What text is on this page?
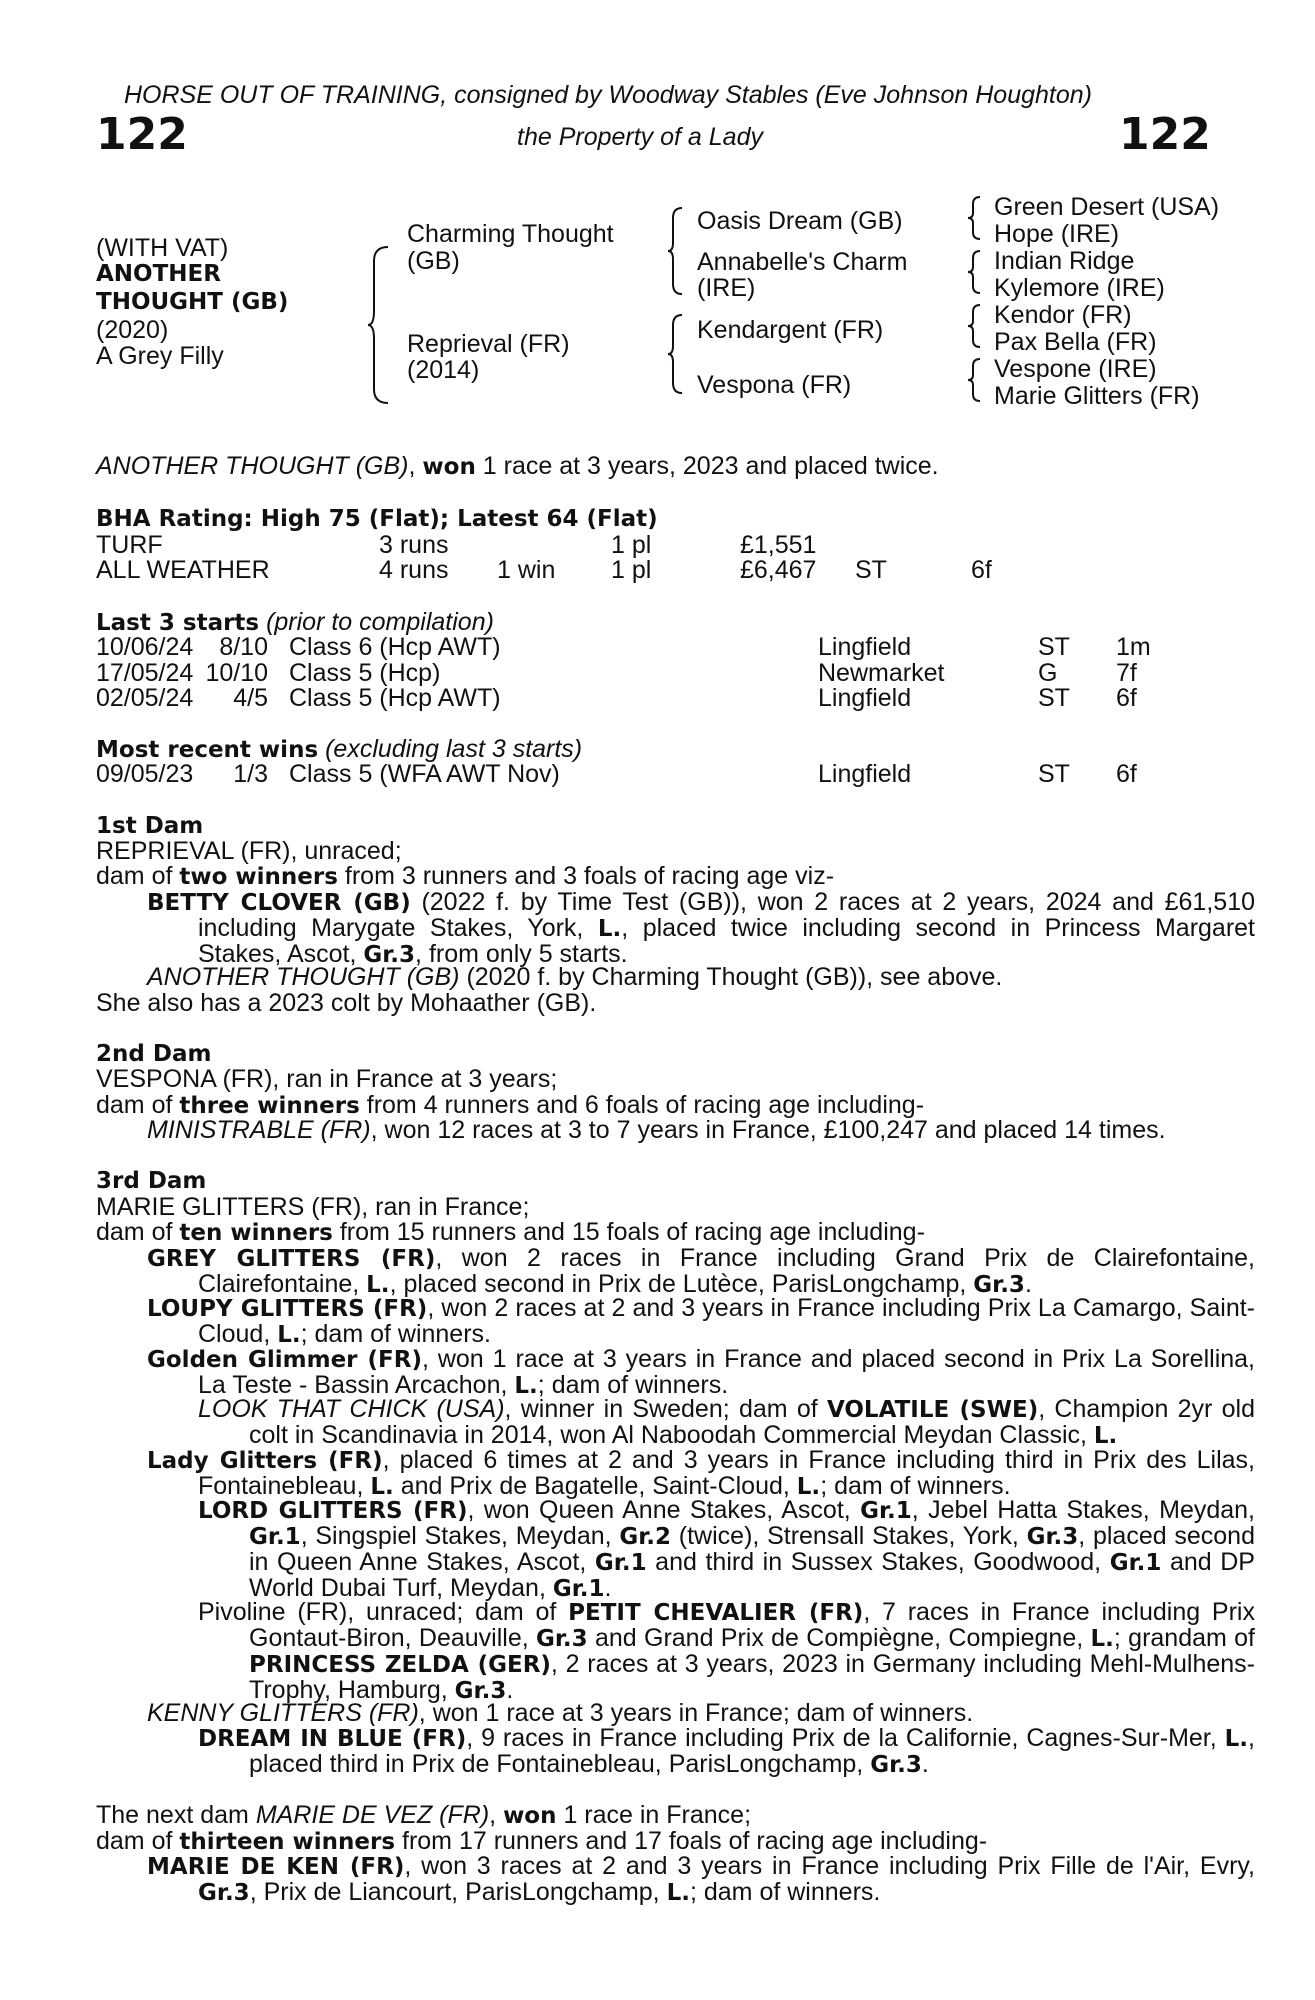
HORSE OUT OF TRAINING, consigned by Woodway Stables (Eve Johnson Houghton)
122	the Property of a Lady	122
(WITH VAT)
ANOTHER
THOUGHT (GB)
(2020)
A Grey Filly
Charming Thought
(GB)
Reprieval (FR)
(2014)
Oasis Dream (GB)
Annabelle's Charm
(IRE)
Kendargent (FR)
Vespona (FR)
Green Desert (USA)
Hope (IRE)
Indian Ridge
Kylemore (IRE)
Kendor (FR)
Pax Bella (FR)
Vespone (IRE)
Marie Glitters (FR)
ANOTHER THOUGHT (GB), won 1 race at 3 years, 2023 and placed twice.
BHA Rating: High 75 (Flat); Latest 64 (Flat)
TURF	3 runs	1 pl	£1,551
ALL WEATHER	4 runs 1 win 1 pl	£6,467 ST	6f
Last 3 starts (prior to compilation)
10/06/24	8/10 Class 6 (Hcp AWT)	Lingfield	ST 1m
17/05/24 10/10 Class 5 (Hcp)	Newmarket	G 7f
02/05/24	4/5 Class 5 (Hcp AWT)	Lingfield	ST 6f
Most recent wins (excluding last 3 starts)
09/05/23	1/3 Class 5 (WFA AWT Nov)	Lingfield	ST 6f
1st Dam
REPRIEVAL (FR), unraced;
dam of two winners from 3 runners and 3 foals of racing age viz-
BETTY CLOVER (GB) (2022 f. by Time Test (GB)), won 2 races at 2 years, 2024 and £61,510 including Marygate Stakes, York, L., placed twice including second in Princess Margaret Stakes, Ascot, Gr.3, from only 5 starts.
ANOTHER THOUGHT (GB) (2020 f. by Charming Thought (GB)), see above.
She also has a 2023 colt by Mohaather (GB).
2nd Dam
VESPONA (FR), ran in France at 3 years;
dam of three winners from 4 runners and 6 foals of racing age including-
MINISTRABLE (FR), won 12 races at 3 to 7 years in France, £100,247 and placed 14 times.
3rd Dam
MARIE GLITTERS (FR), ran in France;
dam of ten winners from 15 runners and 15 foals of racing age including-
GREY GLITTERS (FR), won 2 races in France including Grand Prix de Clairefontaine, Clairefontaine, L., placed second in Prix de Lutèce, ParisLongchamp, Gr.3.
LOUPY GLITTERS (FR), won 2 races at 2 and 3 years in France including Prix La Camargo, Saint-Cloud, L.; dam of winners.
Golden Glimmer (FR), won 1 race at 3 years in France and placed second in Prix La Sorellina, La Teste - Bassin Arcachon, L.; dam of winners.
LOOK THAT CHICK (USA), winner in Sweden; dam of VOLATILE (SWE), Champion 2yr old colt in Scandinavia in 2014, won Al Naboodah Commercial Meydan Classic, L.
Lady Glitters (FR), placed 6 times at 2 and 3 years in France including third in Prix des Lilas, Fontainebleau, L. and Prix de Bagatelle, Saint-Cloud, L.; dam of winners.
LORD GLITTERS (FR), won Queen Anne Stakes, Ascot, Gr.1, Jebel Hatta Stakes, Meydan, Gr.1, Singspiel Stakes, Meydan, Gr.2 (twice), Strensall Stakes, York, Gr.3, placed second in Queen Anne Stakes, Ascot, Gr.1 and third in Sussex Stakes, Goodwood, Gr.1 and DP World Dubai Turf, Meydan, Gr.1.
Pivoline (FR), unraced; dam of PETIT CHEVALIER (FR), 7 races in France including Prix Gontaut-Biron, Deauville, Gr.3 and Grand Prix de Compiègne, Compiegne, L.; grandam of PRINCESS ZELDA (GER), 2 races at 3 years, 2023 in Germany including Mehl-Mulhens-Trophy, Hamburg, Gr.3.
KENNY GLITTERS (FR), won 1 race at 3 years in France; dam of winners.
DREAM IN BLUE (FR), 9 races in France including Prix de la Californie, Cagnes-Sur-Mer, L., placed third in Prix de Fontainebleau, ParisLongchamp, Gr.3.
The next dam MARIE DE VEZ (FR), won 1 race in France;
dam of thirteen winners from 17 runners and 17 foals of racing age including-
MARIE DE KEN (FR), won 3 races at 2 and 3 years in France including Prix Fille de l'Air, Evry, Gr.3, Prix de Liancourt, ParisLongchamp, L.; dam of winners.
